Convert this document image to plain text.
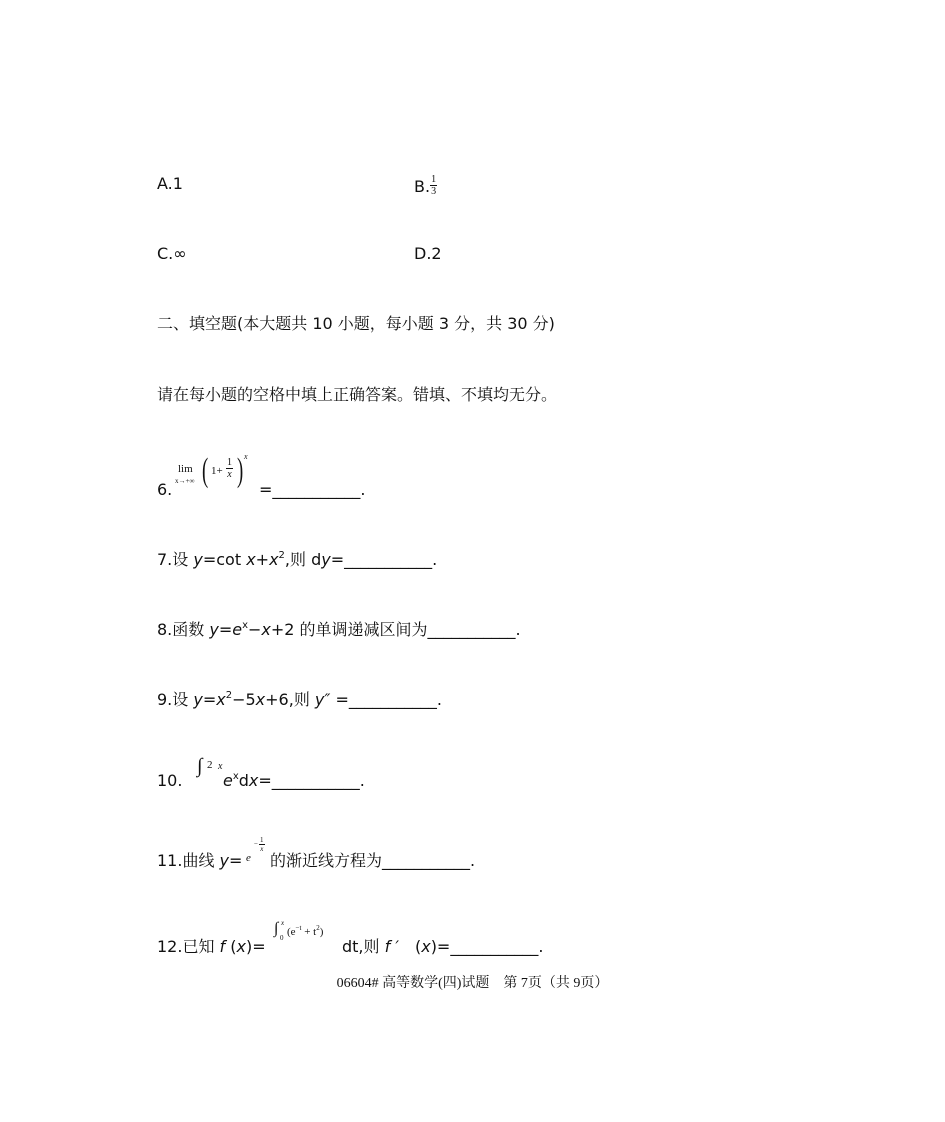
A.1	B. $\frac{1}{3}$
C.∞	D.2
二、填空题(本大题共 10 小题，每小题 3 分，共 30 分)
请在每小题的空格中填上正确答案。错填、不填均无分。
6.
lim
x→+∞ ( $1+ \frac{1}{x}$ ) x
=___________.
7.设 y=cot $x+x^2$,则 dy=___________.
8.函数 $y=e^x-x+2$ 的单调递减区间为___________.
9.设 $y=x^2-5x+6$,则 y″ =___________.
10.
∫ 2 x
$e^xdx=\_\_\_\_\_\_\_\_\_\_\_$.
11.曲线 y= e
− $\frac{1}{x}$
的渐近线方程为___________.
12.已知 f (x)=
∫ x
0 $(e^{-t} + t^2)$
dt,则 f ′　(x)=___________.
06604# 高等数学(四)试题　第 7页（共 9页）
